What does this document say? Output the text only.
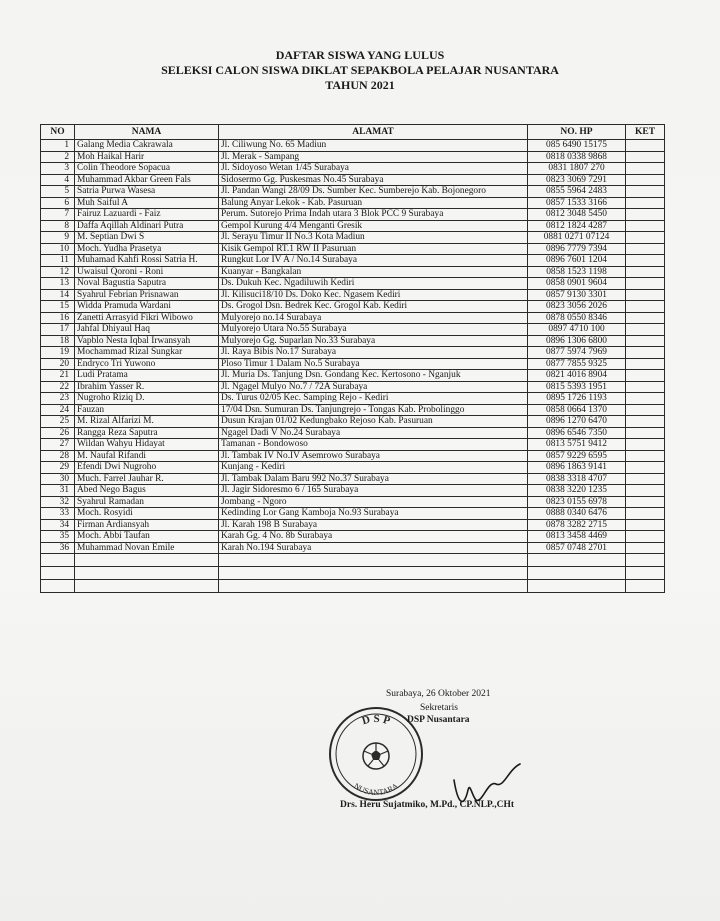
DAFTAR SISWA YANG LULUS
SELEKSI CALON SISWA DIKLAT SEPAKBOLA PELAJAR NUSANTARA
TAHUN 2021
NO	NAMA	ALAMAT	NO. HP	KET
1	Galang Media Cakrawala	Jl. Ciliwung No. 65 Madiun	085 6490 15175	
2	Moh Haikal Harir	Jl. Merak - Sampang	0818 0338 9868	
3	Colin Theodore Sopacua	Jl. Sidoyoso Wetan 1/45 Surabaya	0831 1807 270	
4	Muhammad Akbar Green Fals	Sidosermo Gg. Puskesmas No.45 Surabaya	0823 3069 7291	
5	Satria Purwa Wasesa	Jl. Pandan Wangi 28/09 Ds. Sumber Kec. Sumberejo Kab. Bojonegoro	0855 5964 2483	
6	Muh Saiful A	Balung Anyar Lekok - Kab. Pasuruan	0857 1533 3166	
7	Fairuz Lazuardi - Faiz	Perum. Sutorejo Prima Indah utara 3 Blok PCC 9 Surabaya	0812 3048 5450	
8	Daffa Aqillah Aldinari Putra	Gempol Kurung 4/4 Menganti Gresik	0812 1824 4287	
9	M. Septian Dwi S	Jl. Serayu Timur II No.3 Kota Madiun	0881 0271 07124	
10	Moch. Yudha Prasetya	Kisik Gempol RT.1 RW II Pasuruan	0896 7779 7394	
11	Muhamad Kahfi Rossi Satria H.	Rungkut Lor IV A / No.14 Surabaya	0896 7601 1204	
12	Uwaisul Qoroni - Roni	Kuanyar - Bangkalan	0858 1523 1198	
13	Noval Bagustia Saputra	Ds. Dukuh Kec. Ngadiluwih Kediri	0858 0901 9604	
14	Syahrul Febrian Prisnawan	Jl. Kilisuci18/10 Ds. Doko Kec. Ngasem Kediri	0857 9130 3301	
15	Widda Pramuda Wardani	Ds. Grogol Dsn. Bedrek Kec. Grogol Kab. Kediri	0823 3056 2026	
16	Zanetti Arrasyid Fikri Wibowo	Mulyorejo no.14 Surabaya	0878 0550 8346	
17	Jahfal Dhiyaul Haq	Mulyorejo Utara No.55 Surabaya	0897 4710 100	
18	Vapblo Nesta Iqbal Irwansyah	Mulyorejo Gg. Suparlan No.33 Surabaya	0896 1306 6800	
19	Mochammad Rizal Sungkar	Jl. Raya Bibis No.17 Surabaya	0877 5974 7969	
20	Endryco Tri Yuwono	Ploso Timur 1 Dalam No.5 Surabaya	0877 7855 9325	
21	Ludi Pratama	Jl. Muria Ds. Tanjung Dsn. Gondang Kec. Kertosono - Nganjuk	0821 4016 8904	
22	Ibrahim Yasser R.	Jl. Ngagel Mulyo No.7 / 72A Surabaya	0815 5393 1951	
23	Nugroho Riziq D.	Ds. Turus 02/05 Kec. Samping Rejo - Kediri	0895 1726 1193	
24	Fauzan	17/04 Dsn. Sumuran Ds. Tanjungrejo - Tongas Kab. Probolinggo	0858 0664 1370	
25	M. Rizal Alfarizi M.	Dusun Krajan 01/02 Kedungbako Rejoso Kab. Pasuruan	0896 1270 6470	
26	Rangga Reza Saputra	Ngagel Dadi V No.24 Surabaya	0896 6546 7350	
27	Wildan Wahyu Hidayat	Tamanan - Bondowoso	0813 5751 9412	
28	M. Naufal Rifandi	Jl. Tambak IV No.IV Asemrowo Surabaya	0857 9229 6595	
29	Efendi Dwi Nugroho	Kunjang - Kediri	0896 1863 9141	
30	Much. Farrel Jauhar R.	Jl. Tambak Dalam Baru 992 No.37 Surabaya	0838 3318 4707	
31	Abed Nego Bagus	Jl. Jagir Sidoresmo 6 / 165 Surabaya	0838 3220 1235	
32	Syahrul Ramadan	Jombang - Ngoro	0823 0155 6978	
33	Moch. Rosyidi	Kedinding Lor Gang Kamboja No.93 Surabaya	0888 0340 6476	
34	Firman Ardiansyah	Jl. Karah 198 B Surabaya	0878 3282 2715	
35	Moch. Abbi Taufan	Karah Gg. 4 No. 8b Surabaya	0813 3458 4469	
36	Muhammad Novan Emile	Karah No.194 Surabaya	0857 0748 2701	

D S P
NUSANTARA
Surabaya, 26 Oktober 2021
Sekretaris
DSP Nusantara
Drs. Heru Sujatmiko, M.Pd., CP.NLP.,CHt
